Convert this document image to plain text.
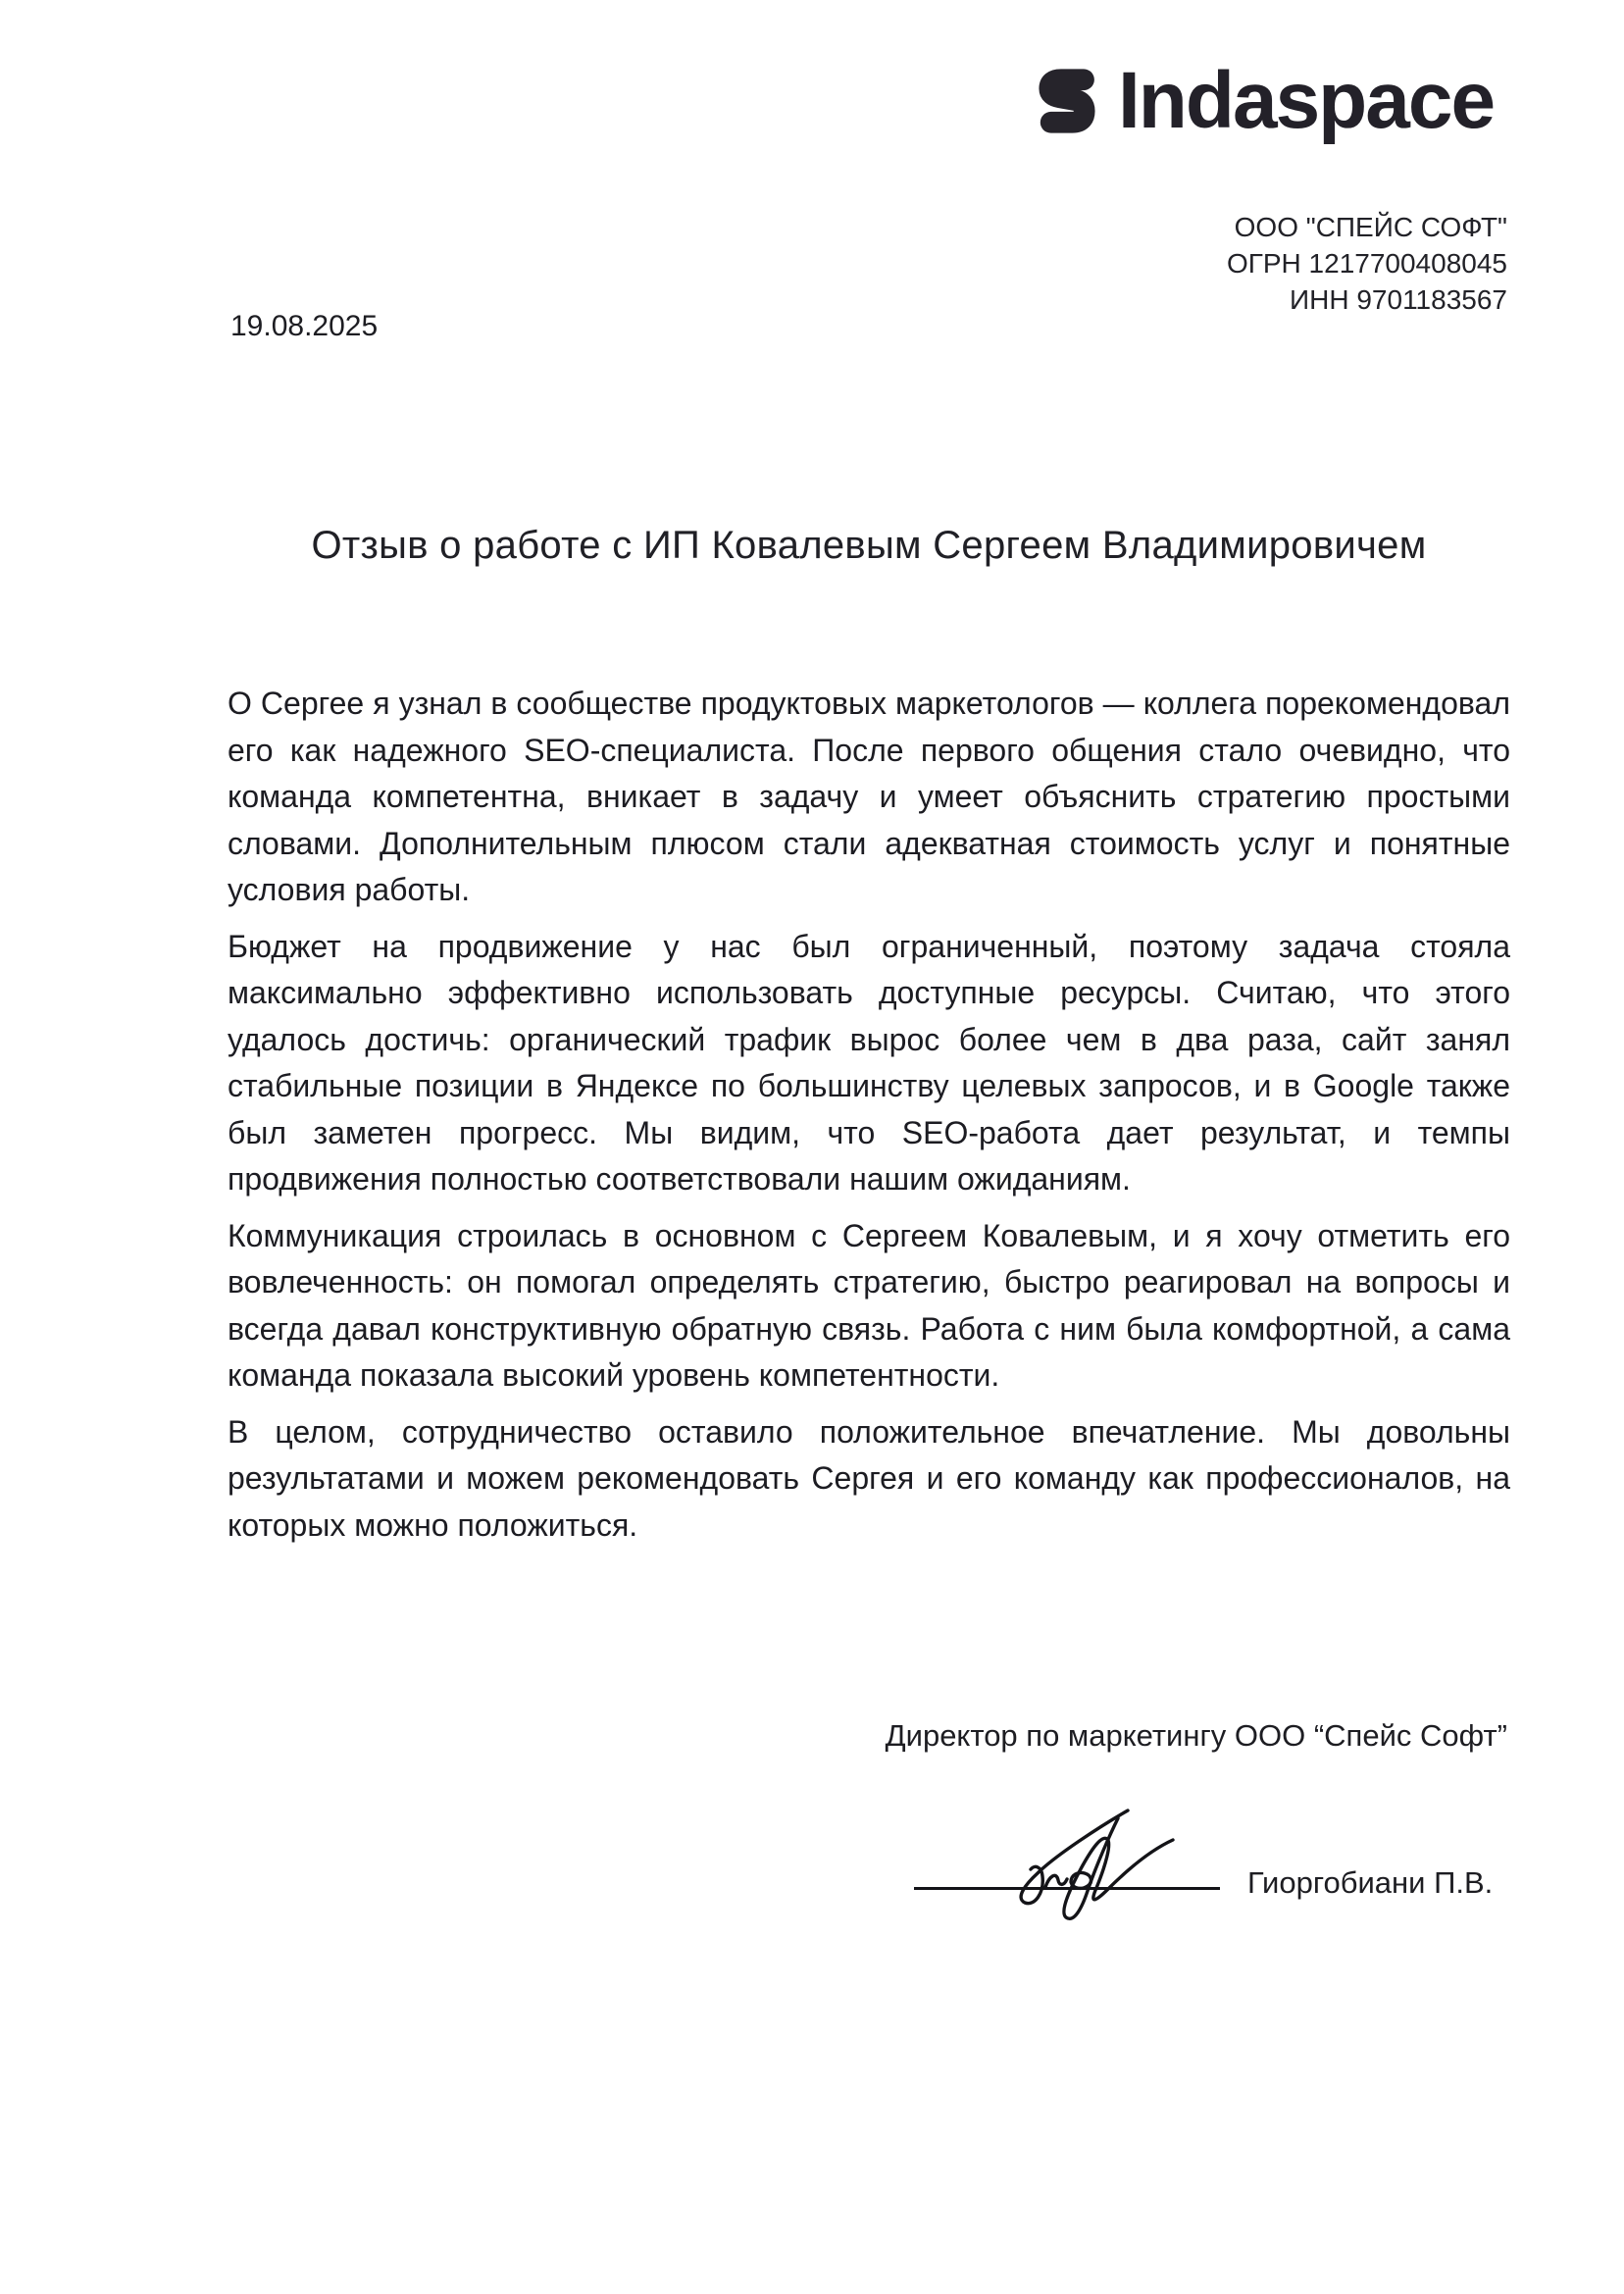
Indaspace
ООО "СПЕЙС СОФТ"
ОГРН 1217700408045
ИНН 9701183567
19.08.2025
Отзыв о работе с ИП Ковалевым Сергеем Владимировичем

О Сергее я узнал в сообществе продуктовых маркетологов — коллега порекомендовал его как надежного SEO-специалиста. После первого общения стало очевидно, что команда компетентна, вникает в задачу и умеет объяснить стратегию простыми словами. Дополнительным плюсом стали адекватная стоимость услуг и понятные условия работы.

Бюджет на продвижение у нас был ограниченный, поэтому задача стояла максимально эффективно использовать доступные ресурсы. Считаю, что этого удалось достичь: органический трафик вырос более чем в два раза, сайт занял стабильные позиции в Яндексе по большинству целевых запросов, и в Google также был заметен прогресс. Мы видим, что SEO-работа дает результат, и темпы продвижения полностью соответствовали нашим ожиданиям.

Коммуникация строилась в основном с Сергеем Ковалевым, и я хочу отметить его вовлеченность: он помогал определять стратегию, быстро реагировал на вопросы и всегда давал конструктивную обратную связь. Работа с ним была комфортной, а сама команда показала высокий уровень компетентности.

В целом, сотрудничество оставило положительное впечатление. Мы довольны результатами и можем рекомендовать Сергея и его команду как профессионалов, на которых можно положиться.

Директор по маркетингу ООО “Спейс Софт”
Гиоргобиани П.В.
